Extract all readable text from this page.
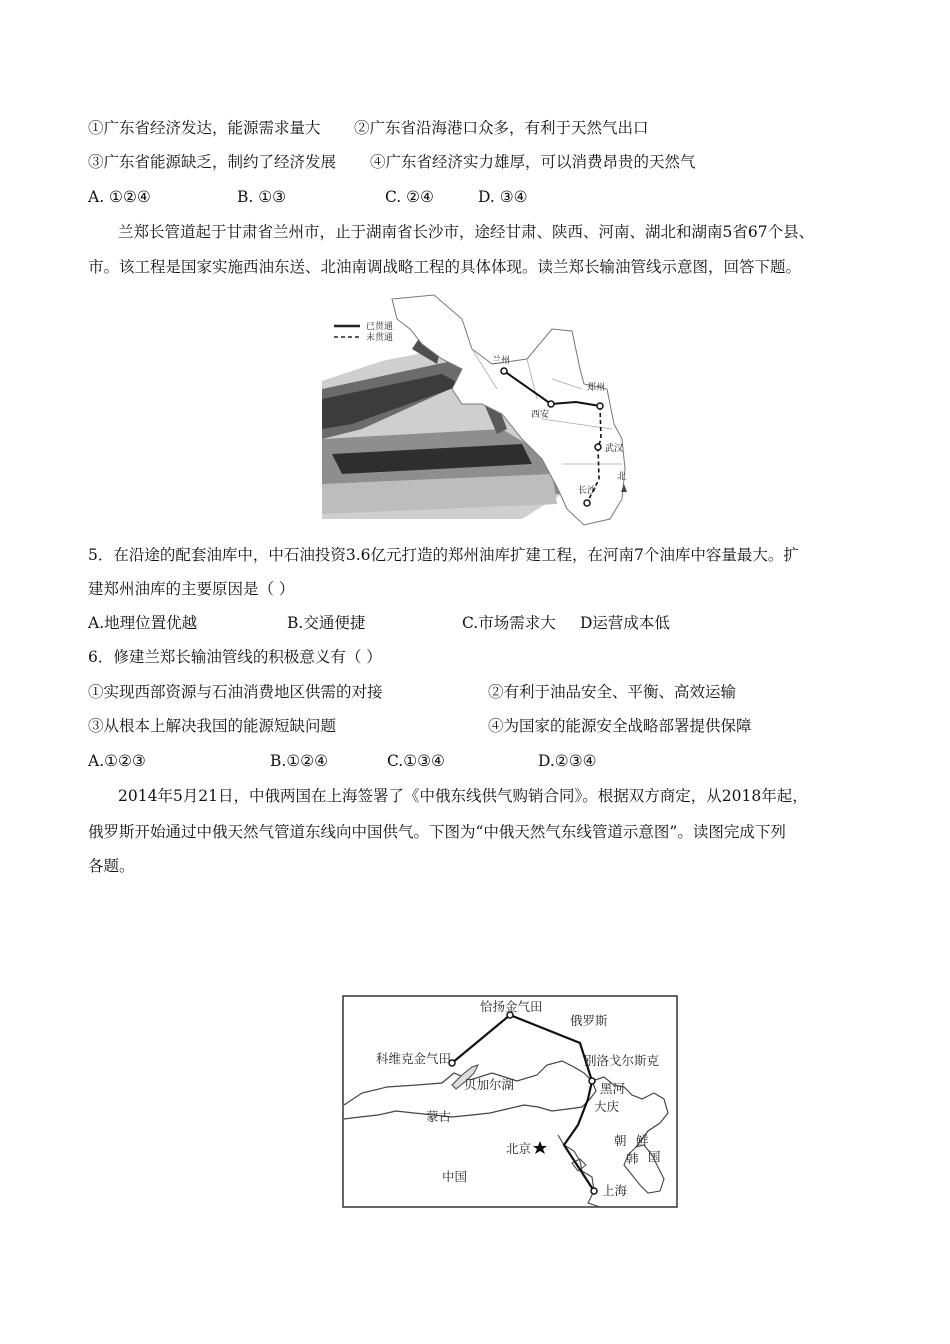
①广东省经济发达，能源需求量大 ②广东省沿海港口众多，有利于天然气出口
③广东省能源缺乏，制约了经济发展 ④广东省经济实力雄厚，可以消费昂贵的天然气
A. ①②④	B. ①③	C. ②④	D. ③④
兰郑长管道起于甘肃省兰州市，止于湖南省长沙市，途经甘肃、陕西、河南、湖北和湖南5省67个县、
市。该工程是国家实施西油东送、北油南调战略工程的具体体现。读兰郑长输油管线示意图，回答下题。
已贯通
未贯通
兰州
西安
郑州
武汉
长沙
北
5．在沿途的配套油库中，中石油投资3.6亿元打造的郑州油库扩建工程，在河南7个油库中容量最大。扩
建郑州油库的主要原因是（ ）
A.地理位置优越	B.交通便捷	C.市场需求大 D运营成本低
6．修建兰郑长输油管线的积极意义有（ ）
①实现西部资源与石油消费地区供需的对接	②有利于油品安全、平衡、高效运输
③从根本上解决我国的能源短缺问题	④为国家的能源安全战略部署提供保障
A.①②③	B.①②④	C.①③④	D.②③④
2014年5月21日，中俄两国在上海签署了《中俄东线供气购销合同》。根据双方商定，从2018年起，
俄罗斯开始通过中俄天然气管道东线向中国供气。下图为“中俄天然气东线管道示意图”。读图完成下列
各题。
恰扬金气田
俄罗斯
科维克金气田	别洛戈尔斯克
贝加尔湖	黑河
大庆
蒙古
北京
朝 鲜
韩 国
中国
上海
